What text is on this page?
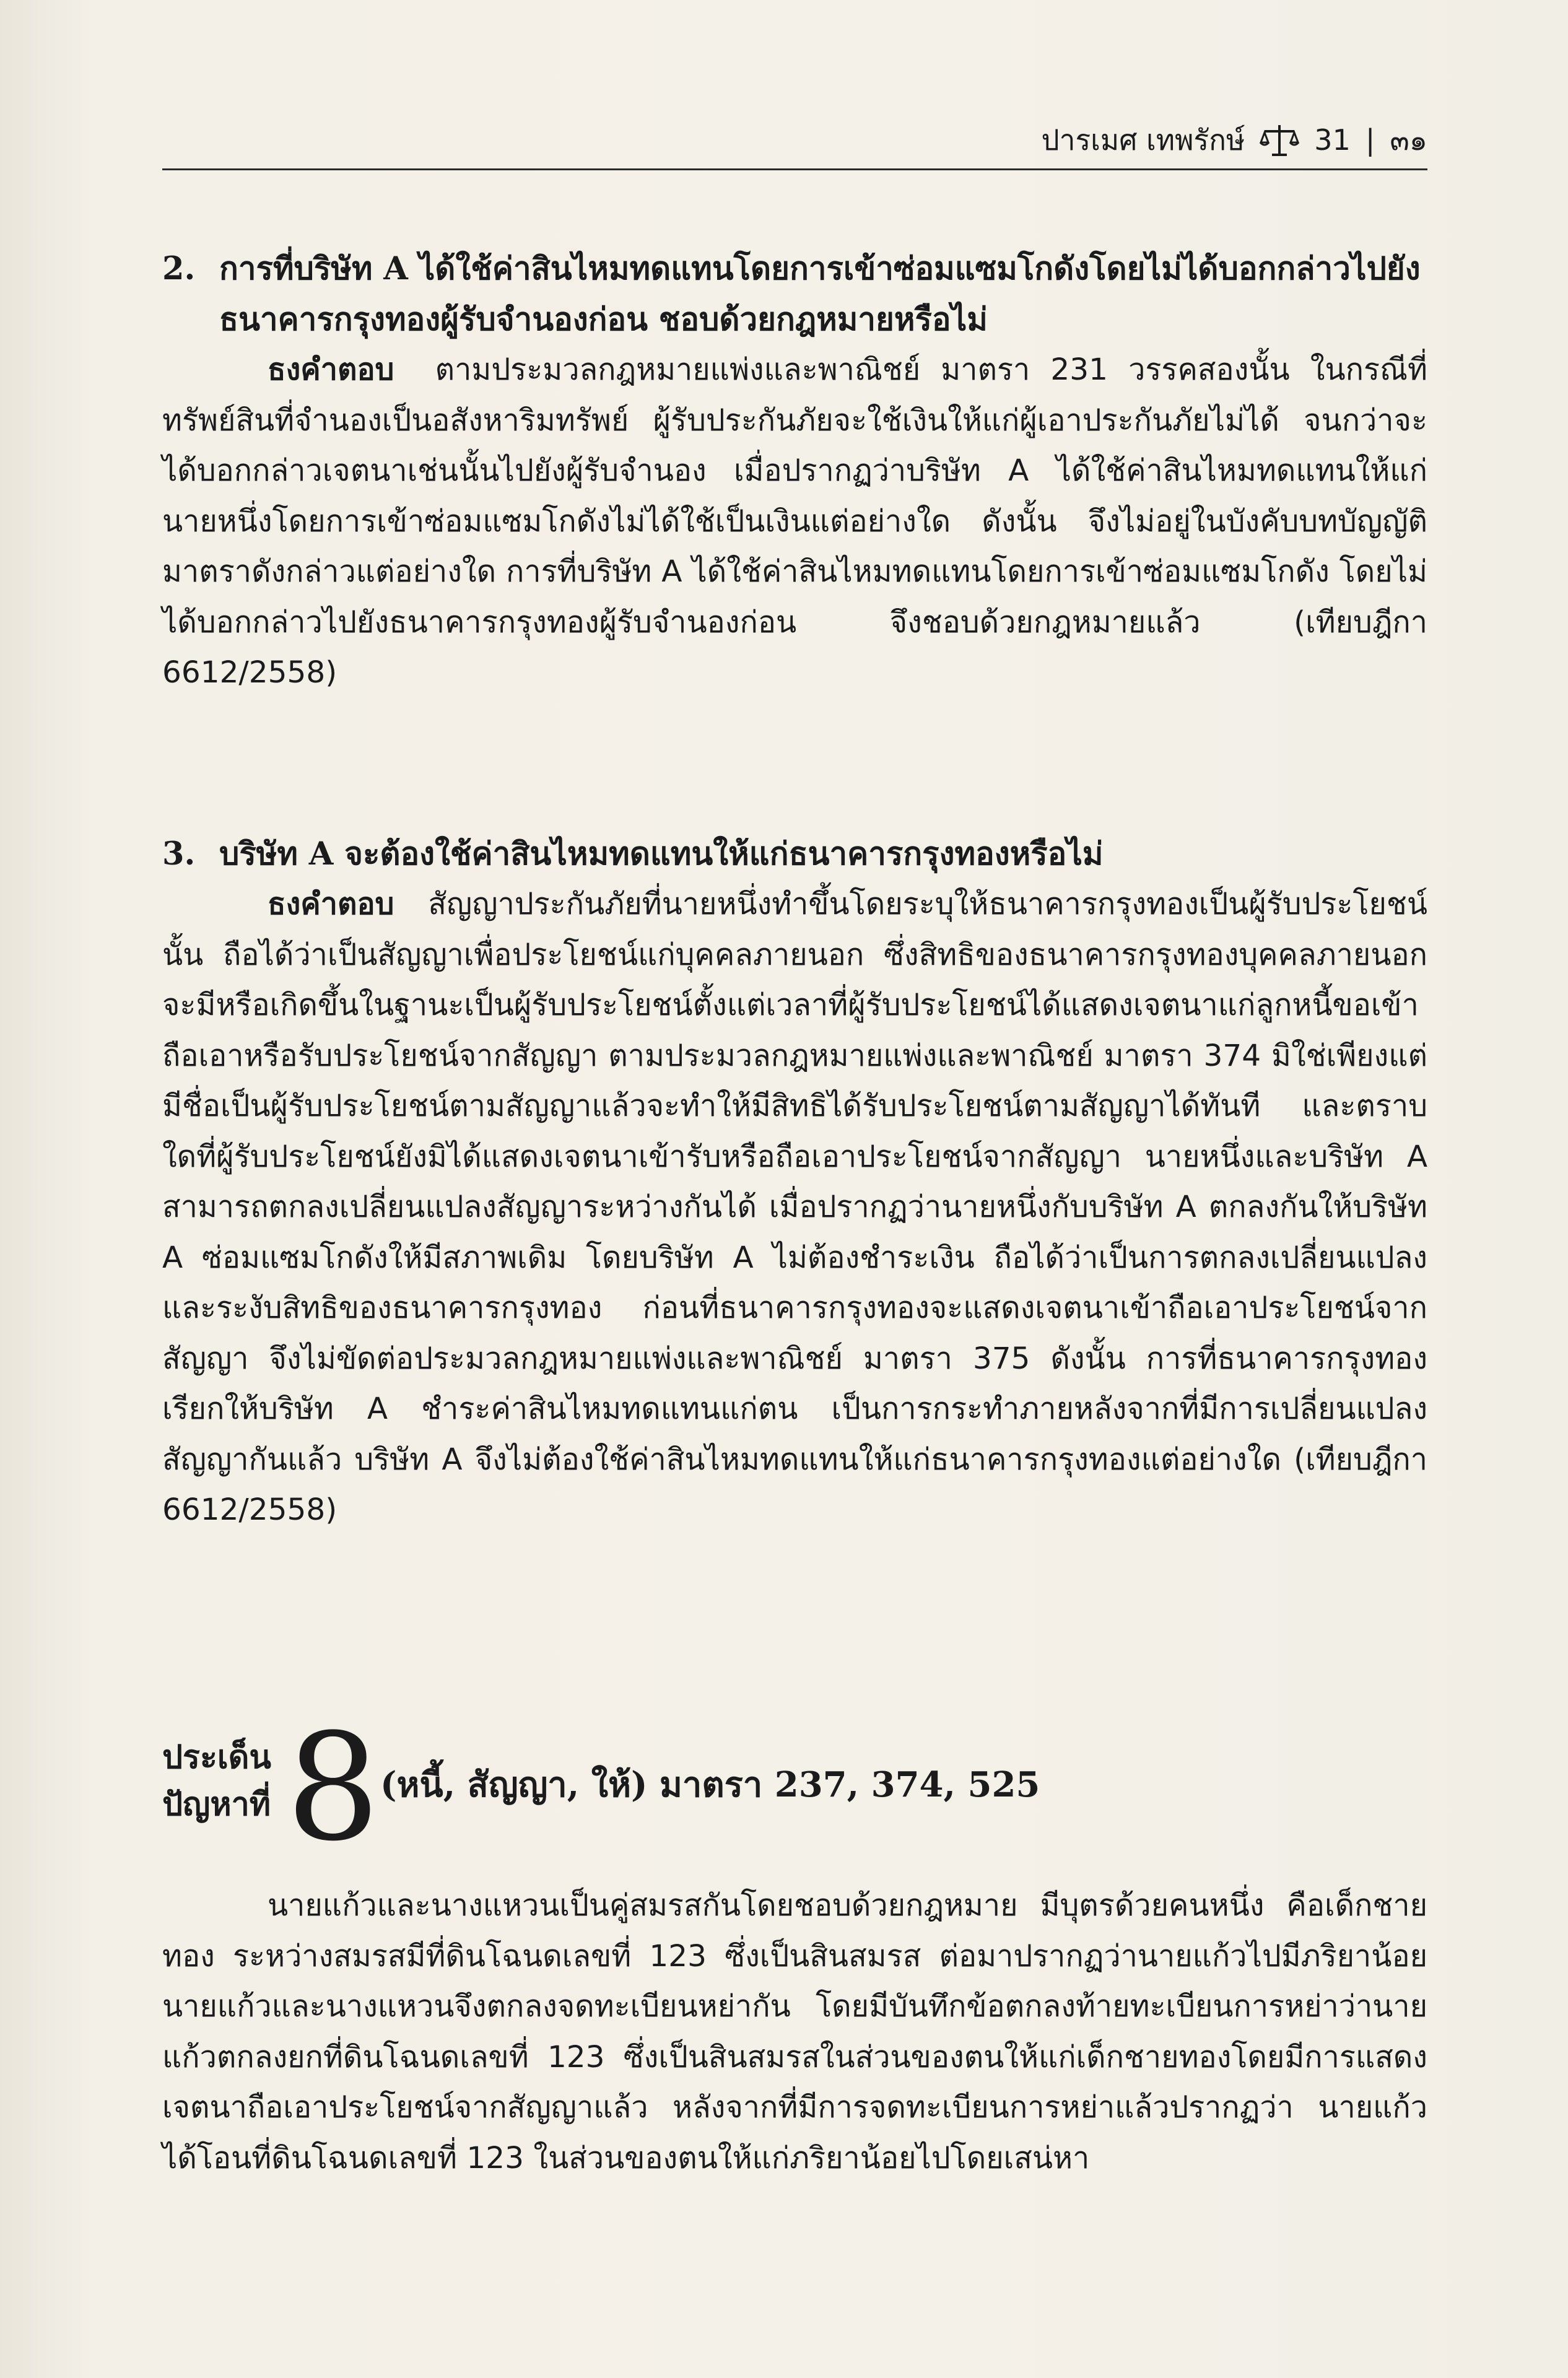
ปารเมศ เทพรักษ์ 31 | ๓๑
2. การที่บริษัท A ได้ใช้ค่าสินไหมทดแทนโดยการเข้าซ่อมแซมโกดังโดยไม่ได้บอกกล่าวไปยัง
ธนาคารกรุงทองผู้รับจำนองก่อน ชอบด้วยกฎหมายหรือไม่

ธงคำตอบ ตามประมวลกฎหมายแพ่งและพาณิชย์ มาตรา 231 วรรคสองนั้น ในกรณีที่ทรัพย์สินที่จำนองเป็นอสังหาริมทรัพย์ ผู้รับประกันภัยจะใช้เงินให้แก่ผู้เอาประกันภัยไม่ได้ จนกว่าจะได้บอกกล่าวเจตนาเช่นนั้นไปยังผู้รับจำนอง เมื่อปรากฏว่าบริษัท A ได้ใช้ค่าสินไหมทดแทนให้แก่นายหนึ่งโดยการเข้าซ่อมแซมโกดังไม่ได้ใช้เป็นเงินแต่อย่างใด ดังนั้น จึงไม่อยู่ในบังคับบทบัญญัติมาตราดังกล่าวแต่อย่างใด การที่บริษัท A ได้ใช้ค่าสินไหมทดแทนโดยการเข้าซ่อมแซมโกดัง โดยไม่ได้บอกกล่าวไปยังธนาคารกรุงทองผู้รับจำนองก่อน จึงชอบด้วยกฎหมายแล้ว (เทียบฎีกา 6612/2558)

3. บริษัท A จะต้องใช้ค่าสินไหมทดแทนให้แก่ธนาคารกรุงทองหรือไม่

ธงคำตอบ สัญญาประกันภัยที่นายหนึ่งทำขึ้นโดยระบุให้ธนาคารกรุงทองเป็นผู้รับประโยชน์นั้น ถือได้ว่าเป็นสัญญาเพื่อประโยชน์แก่บุคคลภายนอก ซึ่งสิทธิของธนาคารกรุงทองบุคคลภายนอกจะมีหรือเกิดขึ้นในฐานะเป็นผู้รับประโยชน์ตั้งแต่เวลาที่ผู้รับประโยชน์ได้แสดงเจตนาแก่ลูกหนี้ขอเข้าถือเอาหรือรับประโยชน์จากสัญญา ตามประมวลกฎหมายแพ่งและพาณิชย์ มาตรา 374 มิใช่เพียงแต่มีชื่อเป็นผู้รับประโยชน์ตามสัญญาแล้วจะทำให้มีสิทธิได้รับประโยชน์ตามสัญญาได้ทันที และตราบใดที่ผู้รับประโยชน์ยังมิได้แสดงเจตนาเข้ารับหรือถือเอาประโยชน์จากสัญญา นายหนึ่งและบริษัท A สามารถตกลงเปลี่ยนแปลงสัญญาระหว่างกันได้ เมื่อปรากฏว่านายหนึ่งกับบริษัท A ตกลงกันให้บริษัท A ซ่อมแซมโกดังให้มีสภาพเดิม โดยบริษัท A ไม่ต้องชำระเงิน ถือได้ว่าเป็นการตกลงเปลี่ยนแปลงและระงับสิทธิของธนาคารกรุงทอง ก่อนที่ธนาคารกรุงทองจะแสดงเจตนาเข้าถือเอาประโยชน์จากสัญญา จึงไม่ขัดต่อประมวลกฎหมายแพ่งและพาณิชย์ มาตรา 375 ดังนั้น การที่ธนาคารกรุงทองเรียกให้บริษัท A ชำระค่าสินไหมทดแทนแก่ตน เป็นการกระทำภายหลังจากที่มีการเปลี่ยนแปลงสัญญากันแล้ว บริษัท A จึงไม่ต้องใช้ค่าสินไหมทดแทนให้แก่ธนาคารกรุงทองแต่อย่างใด (เทียบฎีกา 6612/2558)

ประเด็น
ปัญหาที่ 8 (หนี้, สัญญา, ให้) มาตรา 237, 374, 525

นายแก้วและนางแหวนเป็นคู่สมรสกันโดยชอบด้วยกฎหมาย มีบุตรด้วยคนหนึ่ง คือเด็กชายทอง ระหว่างสมรสมีที่ดินโฉนดเลขที่ 123 ซึ่งเป็นสินสมรส ต่อมาปรากฏว่านายแก้วไปมีภริยาน้อย นายแก้วและนางแหวนจึงตกลงจดทะเบียนหย่ากัน โดยมีบันทึกข้อตกลงท้ายทะเบียนการหย่าว่านายแก้วตกลงยกที่ดินโฉนดเลขที่ 123 ซึ่งเป็นสินสมรสในส่วนของตนให้แก่เด็กชายทองโดยมีการแสดงเจตนาถือเอาประโยชน์จากสัญญาแล้ว หลังจากที่มีการจดทะเบียนการหย่าแล้วปรากฏว่า นายแก้วได้โอนที่ดินโฉนดเลขที่ 123 ในส่วนของตนให้แก่ภริยาน้อยไปโดยเสน่หา
